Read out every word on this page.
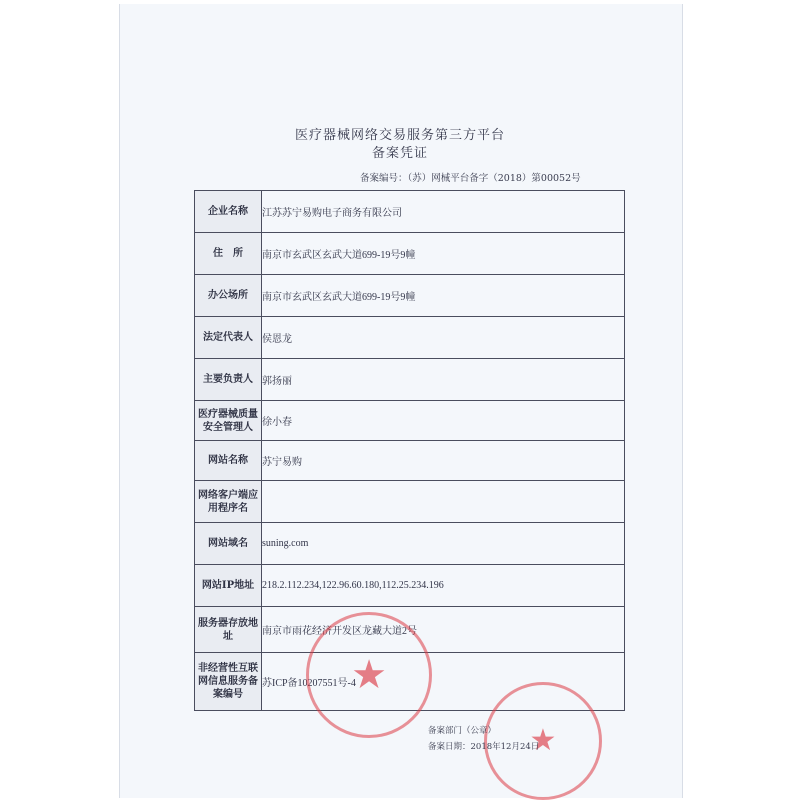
医疗器械网络交易服务第三方平台
备案凭证
备案编号：（苏）网械平台备字（2018）第00052号
企业名称	江苏苏宁易购电子商务有限公司
住　所	南京市玄武区玄武大道699-19号9幢
办公场所	南京市玄武区玄武大道699-19号9幢
法定代表人	侯恩龙
主要负责人	郭扬丽
医疗器械质量安全管理人	徐小春
网站名称	苏宁易购
网络客户端应用程序名	
网站域名	suning.com
网站IP地址	218.2.112.234,122.96.60.180,112.25.234.196
服务器存放地址	南京市雨花经济开发区龙藏大道2号
非经营性互联网信息服务备案编号	苏ICP备10207551号-4
★
★
备案部门（公章）
备案日期：2018年12月24日
